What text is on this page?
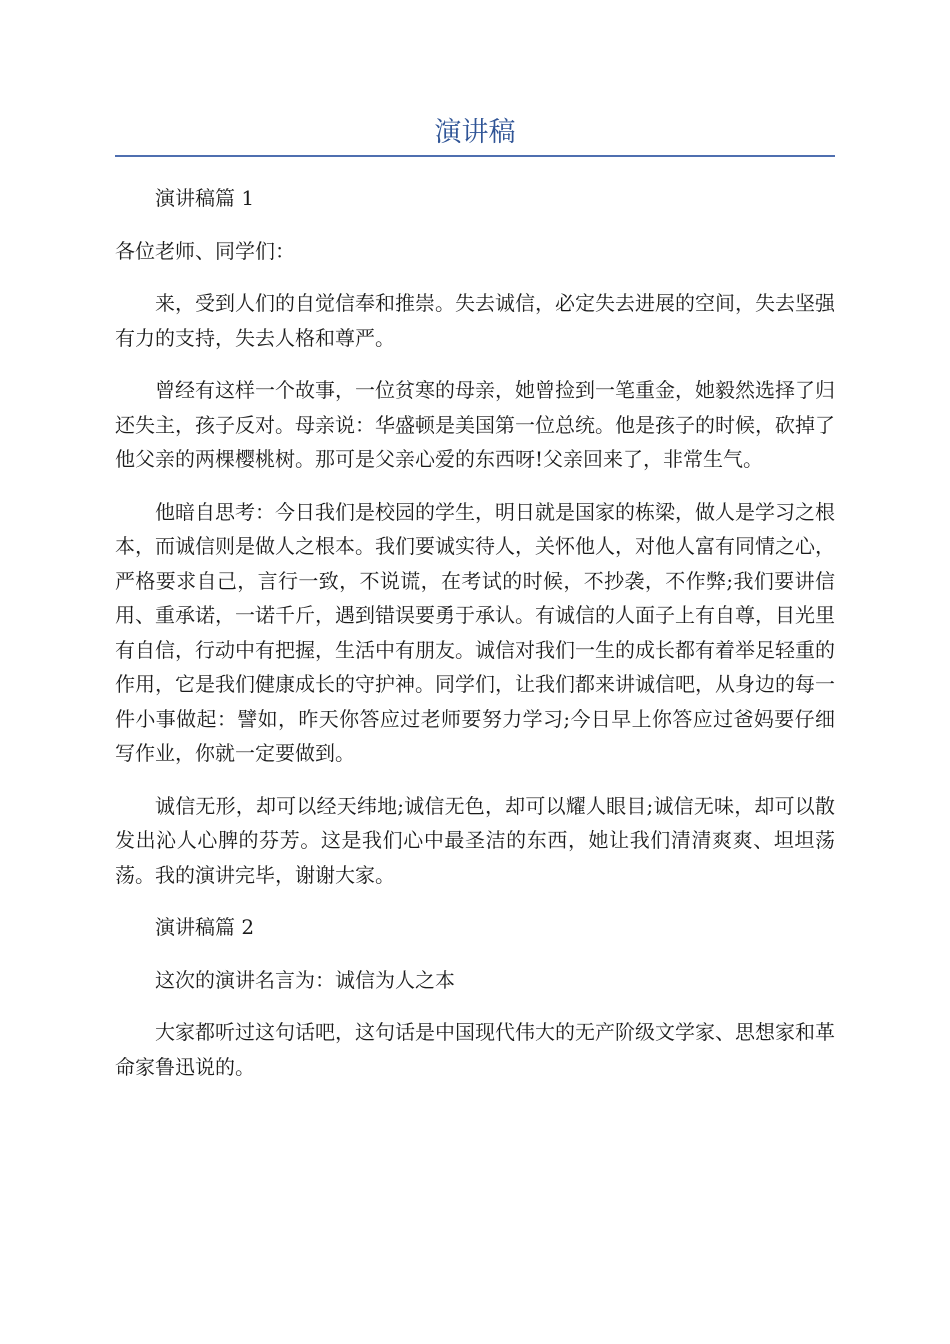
演讲稿

演讲稿篇 1

各位老师、同学们：

来，受到人们的自觉信奉和推崇。失去诚信，必定失去进展的空间，失去坚强有力的支持，失去人格和尊严。

曾经有这样一个故事，一位贫寒的母亲，她曾捡到一笔重金，她毅然选择了归还失主，孩子反对。母亲说：华盛顿是美国第一位总统。他是孩子的时候，砍掉了他父亲的两棵樱桃树。那可是父亲心爱的东西呀!父亲回来了，非常生气。

他暗自思考：今日我们是校园的学生，明日就是国家的栋梁，做人是学习之根本，而诚信则是做人之根本。我们要诚实待人，关怀他人，对他人富有同情之心，严格要求自己，言行一致，不说谎，在考试的时候，不抄袭，不作弊;我们要讲信用、重承诺，一诺千斤，遇到错误要勇于承认。有诚信的人面子上有自尊，目光里有自信，行动中有把握，生活中有朋友。诚信对我们一生的成长都有着举足轻重的作用，它是我们健康成长的守护神。同学们，让我们都来讲诚信吧，从身边的每一件小事做起：譬如，昨天你答应过老师要努力学习;今日早上你答应过爸妈要仔细写作业，你就一定要做到。

诚信无形，却可以经天纬地;诚信无色，却可以耀人眼目;诚信无味，却可以散发出沁人心脾的芬芳。这是我们心中最圣洁的东西，她让我们清清爽爽、坦坦荡荡。我的演讲完毕，谢谢大家。

演讲稿篇 2

这次的演讲名言为：诚信为人之本

大家都听过这句话吧，这句话是中国现代伟大的无产阶级文学家、思想家和革命家鲁迅说的。
